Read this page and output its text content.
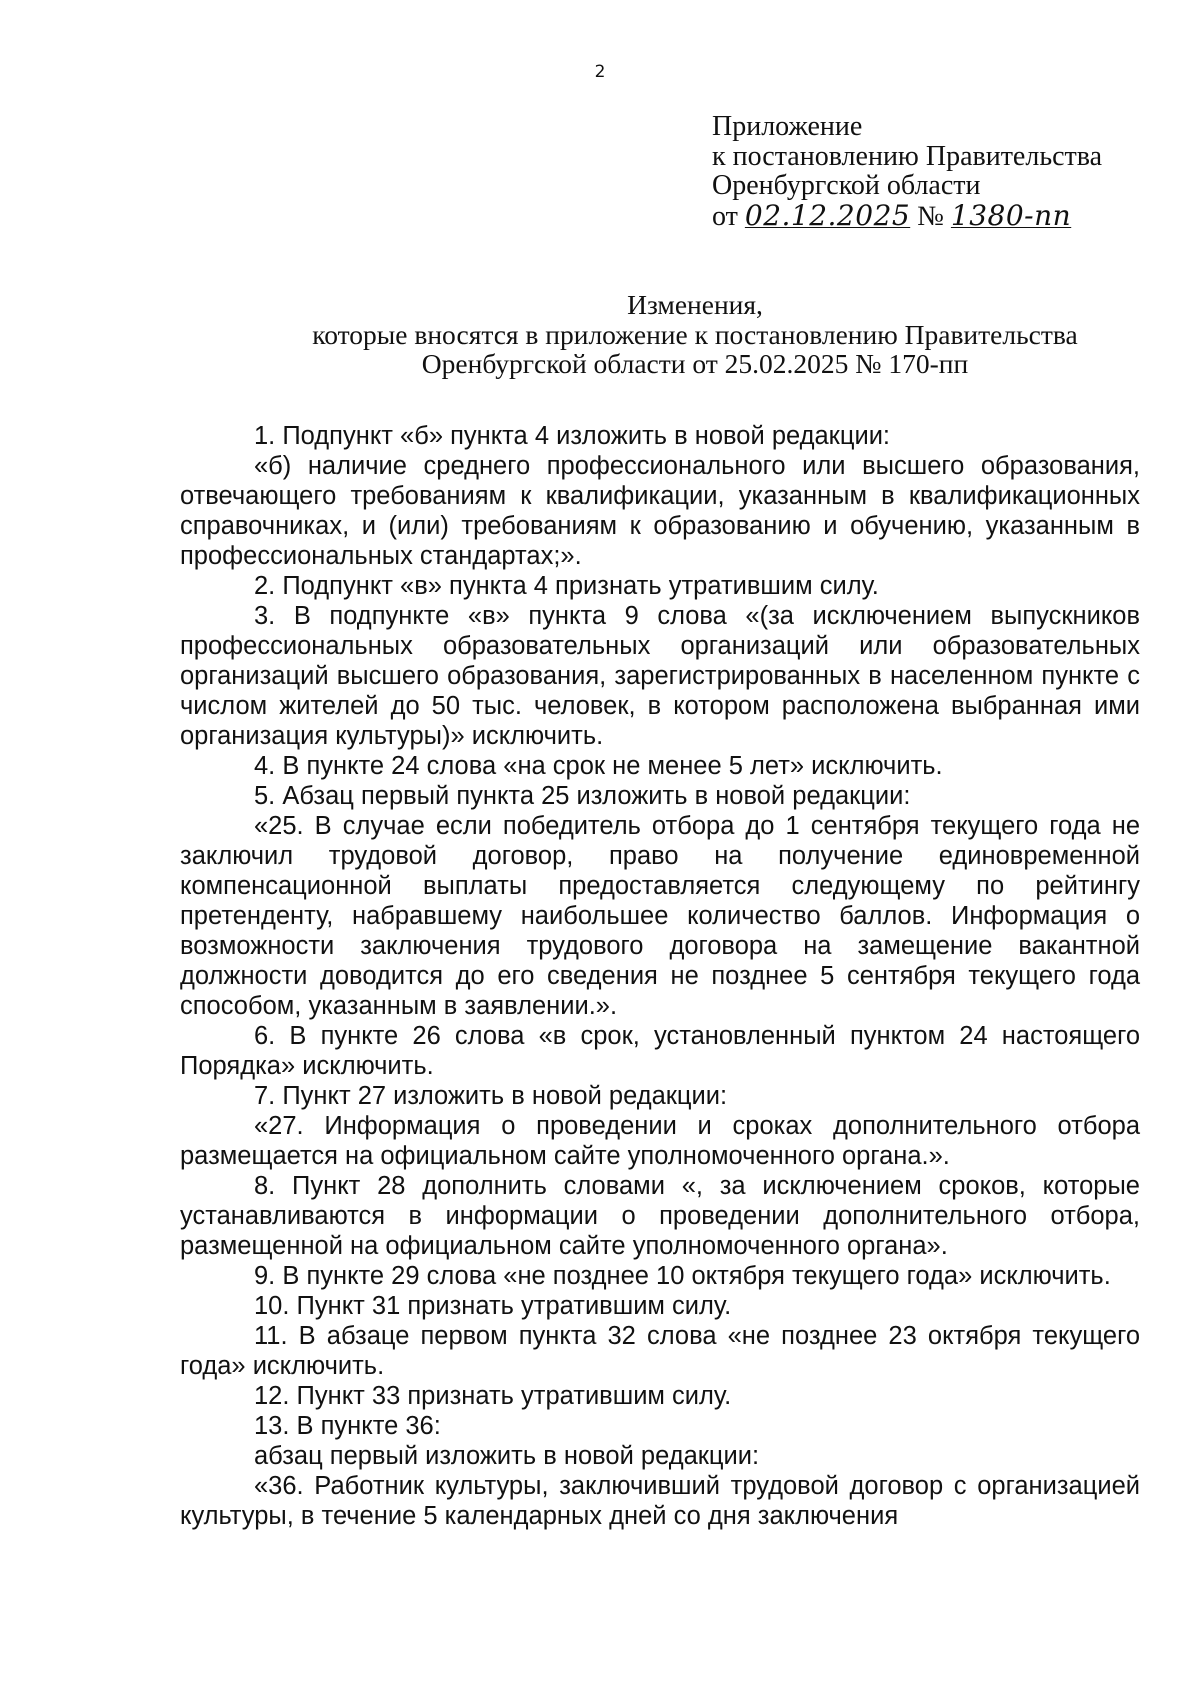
2
Приложение
к постановлению Правительства
Оренбургской области
от 02.12.2025 № 1380-пп
Изменения,
которые вносятся в приложение к постановлению Правительства
Оренбургской области от 25.02.2025 № 170-пп

1. Подпункт «б» пункта 4 изложить в новой редакции:

«б) наличие среднего профессионального или высшего образования, отвечающего требованиям к квалификации, указанным в квалификационных справочниках, и (или) требованиям к образованию и обучению, указанным в профессиональных стандартах;».

2. Подпункт «в» пункта 4 признать утратившим силу.

3. В подпункте «в» пункта 9 слова «(за исключением выпускников профессиональных образовательных организаций или образовательных организаций высшего образования, зарегистрированных в населенном пункте с числом жителей до 50 тыс. человек, в котором расположена выбранная ими организация культуры)» исключить.

4. В пункте 24 слова «на срок не менее 5 лет» исключить.

5. Абзац первый пункта 25 изложить в новой редакции:

«25. В случае если победитель отбора до 1 сентября текущего года не заключил трудовой договор, право на получение единовременной компенсационной выплаты предоставляется следующему по рейтингу претенденту, набравшему наибольшее количество баллов. Информация о возможности заключения трудового договора на замещение вакантной должности доводится до его сведения не позднее 5 сентября текущего года способом, указанным в заявлении.».

6. В пункте 26 слова «в срок, установленный пунктом 24 настоящего Порядка» исключить.

7. Пункт 27 изложить в новой редакции:

«27. Информация о проведении и сроках дополнительного отбора размещается на официальном сайте уполномоченного органа.».

8. Пункт 28 дополнить словами «, за исключением сроков, которые устанавливаются в информации о проведении дополнительного отбора, размещенной на официальном сайте уполномоченного органа».

9. В пункте 29 слова «не позднее 10 октября текущего года» исключить.

10. Пункт 31 признать утратившим силу.

11. В абзаце первом пункта 32 слова «не позднее 23 октября текущего года» исключить.

12. Пункт 33 признать утратившим силу.

13. В пункте 36:

абзац первый изложить в новой редакции:

«36. Работник культуры, заключивший трудовой договор с организацией культуры, в течение 5 календарных дней со дня заключения
